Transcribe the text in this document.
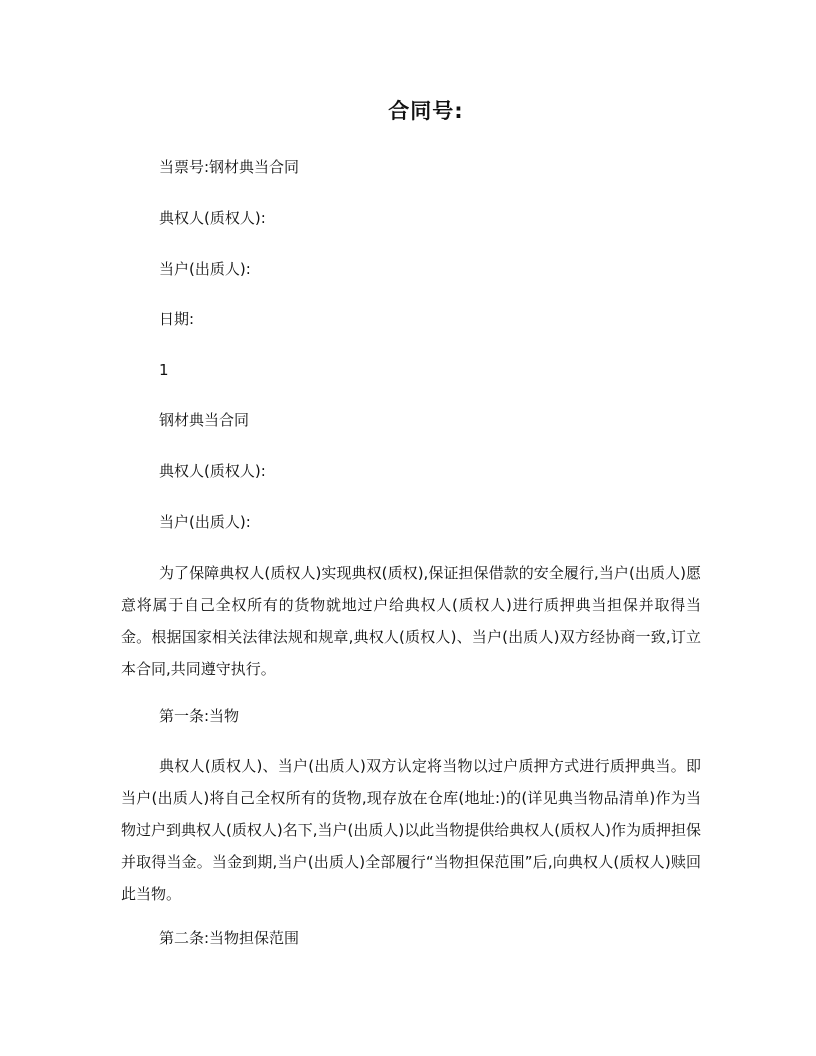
合同号:
当票号:钢材典当合同
典权人(质权人):
当户(出质人):
日期:
1
钢材典当合同
典权人(质权人):
当户(出质人):
为了保障典权人(质权人)实现典权(质权),保证担保借款的安全履行,当户(出质人)愿意将属于自己全权所有的货物就地过户给典权人(质权人)进行质押典当担保并取得当金。根据国家相关法律法规和规章,典权人(质权人)、当户(出质人)双方经协商一致,订立本合同,共同遵守执行。
第一条:当物
典权人(质权人)、当户(出质人)双方认定将当物以过户质押方式进行质押典当。即当户(出质人)将自己全权所有的货物,现存放在仓库(地址:)的(详见典当物品清单)作为当物过户到典权人(质权人)名下,当户(出质人)以此当物提供给典权人(质权人)作为质押担保并取得当金。当金到期,当户(出质人)全部履行“当物担保范围”后,向典权人(质权人)赎回此当物。
第二条:当物担保范围
